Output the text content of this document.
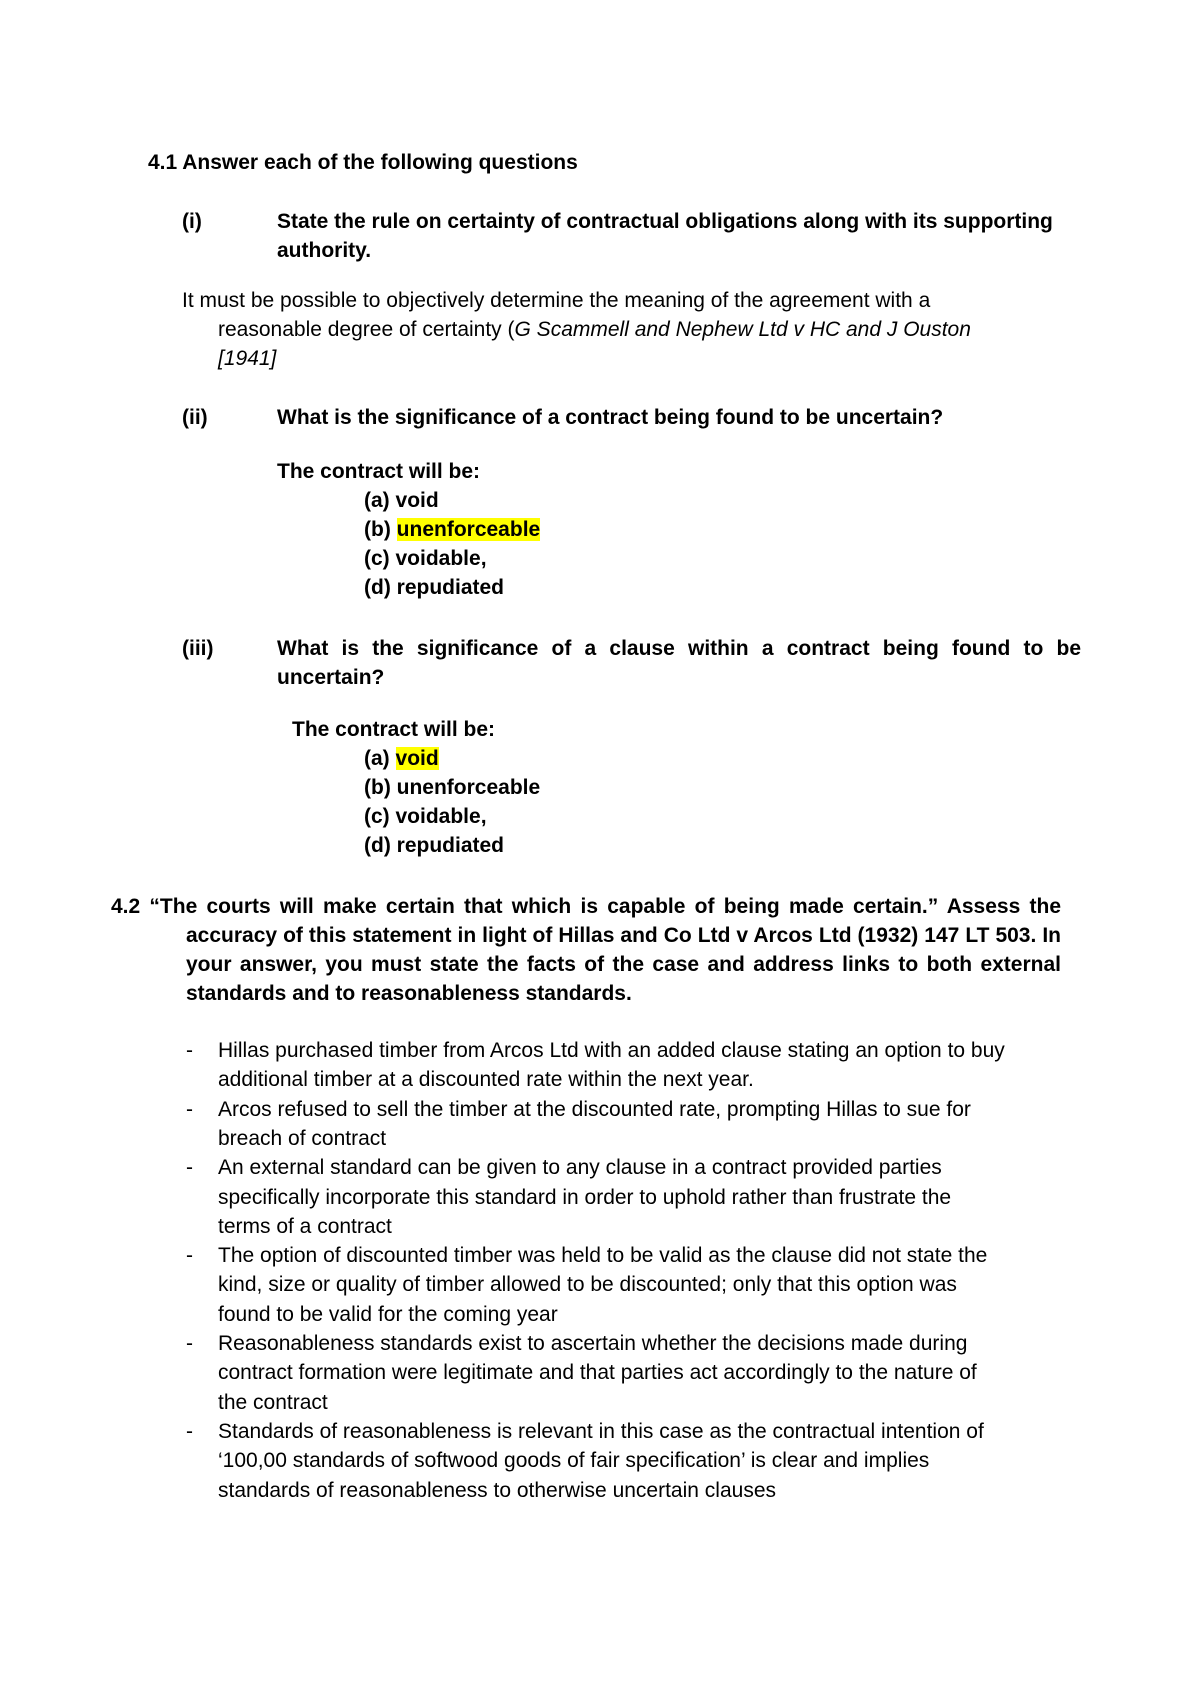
4.1 Answer each of the following questions
(i)	State the rule on certainty of contractual obligations along with its supporting
authority.
It must be possible to objectively determine the meaning of the agreement with a
reasonable degree of certainty (G Scammell and Nephew Ltd v HC and J Ouston
[1941]
(ii)	What is the significance of a contract being found to be uncertain?
The contract will be:
(a) void
(b) unenforceable
(c) voidable,
(d) repudiated
(iii)	What is the significance of a clause within a contract being found to be
uncertain?
The contract will be:
(a) void
(b) unenforceable
(c) voidable,
(d) repudiated
4.2 “The courts will make certain that which is capable of being made certain.” Assess the
accuracy of this statement in light of Hillas and Co Ltd v Arcos Ltd (1932) 147 LT 503. In
your answer, you must state the facts of the case and address links to both external
standards and to reasonableness standards.
- Hillas purchased timber from Arcos Ltd with an added clause stating an option to buy
additional timber at a discounted rate within the next year.
- Arcos refused to sell the timber at the discounted rate, prompting Hillas to sue for
breach of contract
- An external standard can be given to any clause in a contract provided parties
specifically incorporate this standard in order to uphold rather than frustrate the
terms of a contract
- The option of discounted timber was held to be valid as the clause did not state the
kind, size or quality of timber allowed to be discounted; only that this option was
found to be valid for the coming year
- Reasonableness standards exist to ascertain whether the decisions made during
contract formation were legitimate and that parties act accordingly to the nature of
the contract
- Standards of reasonableness is relevant in this case as the contractual intention of
‘100,00 standards of softwood goods of fair specification’ is clear and implies
standards of reasonableness to otherwise uncertain clauses
